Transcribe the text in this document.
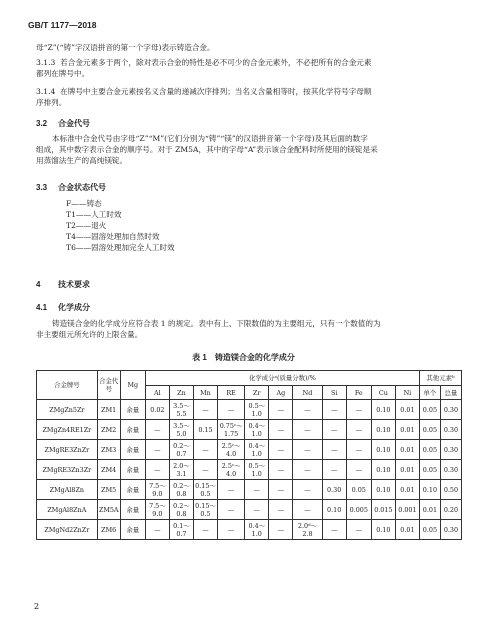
GB/T 1177—2018
母“Z”(“铸”字汉语拼音的第一个字母)表示铸造合金。
3.1.3 若合金元素多于两个，除对表示合金的特性是必不可少的合金元素外，不必把所有的合金元素
都列在牌号中。
3.1.4 在牌号中主要合金元素按名义含量的递减次序排列；当名义含量相等时，按其化学符号字母顺
序排列。
3.2 合金代号
本标准中合金代号由字母“Z”“M”(它们分别为“铸”“镁”的汉语拼音第一个字母)及其后面的数字
组成，其中数字表示合金的顺序号。对于 ZM5A，其中的字母“A”表示该合金配料时所使用的镁锭是采
用蒸馏法生产的高纯镁锭。
3.3 合金状态代号
F——铸态
T1——人工时效
T2——退火
T4——固溶处理加自然时效
T6——固溶处理加完全人工时效
4 技术要求
4.1 化学成分
铸造镁合金的化学成分应符合表 1 的规定。表中有上、下限数值的为主要组元，只有一个数值的为
非主要组元所允许的上限含量。
表 1　铸造镁合金的化学成分
合金牌号	合金代号	Mg	化学成分ᵃ(质量分数)/%											其他元素ᵇ	
			Al	Zn	Mn	RE	Zr	Ag	Nd	Si	Fe	Cu	Ni	单个	总量
ZMgZn5Zr	ZM1	余量	0.02	3.5～
5.5	—	—	0.5～
1.0	—	—	—	—	0.10	0.01	0.05	0.30
ZMgZn4RE1Zr	ZM2	余量	—	3.5～
5.0	0.15	0.75ᶜ～
1.75	0.4～
1.0	—	—	—	—	0.10	0.01	0.05	0.30
ZMgRE3ZnZr	ZM3	余量	—	0.2～
0.7	—	2.5ᶜ～
4.0	0.4～
1.0	—	—	—	—	0.10	0.01	0.05	0.30
ZMgRE3Zn3Zr	ZM4	余量	—	2.0～
3.1	—	2.5ᶜ～
4.0	0.5～
1.0	—	—	—	—	0.10	0.01	0.05	0.30
ZMgAl8Zn	ZM5	余量	7.5～
9.0	0.2～
0.8	0.15～
0.5	—	—	—	—	0.30	0.05	0.10	0.01	0.10	0.50
ZMgAl8ZnA	ZM5A	余量	7.5～
9.0	0.2～
0.8	0.15～
0.5	—	—	—	—	0.10	0.005	0.015	0.001	0.01	0.20
ZMgNd2ZnZr	ZM6	余量	—	0.1～
0.7	—	—	0.4～
1.0	—	2.0ᵈ～
2.8	—	—	0.10	0.01	0.05	0.30
2
